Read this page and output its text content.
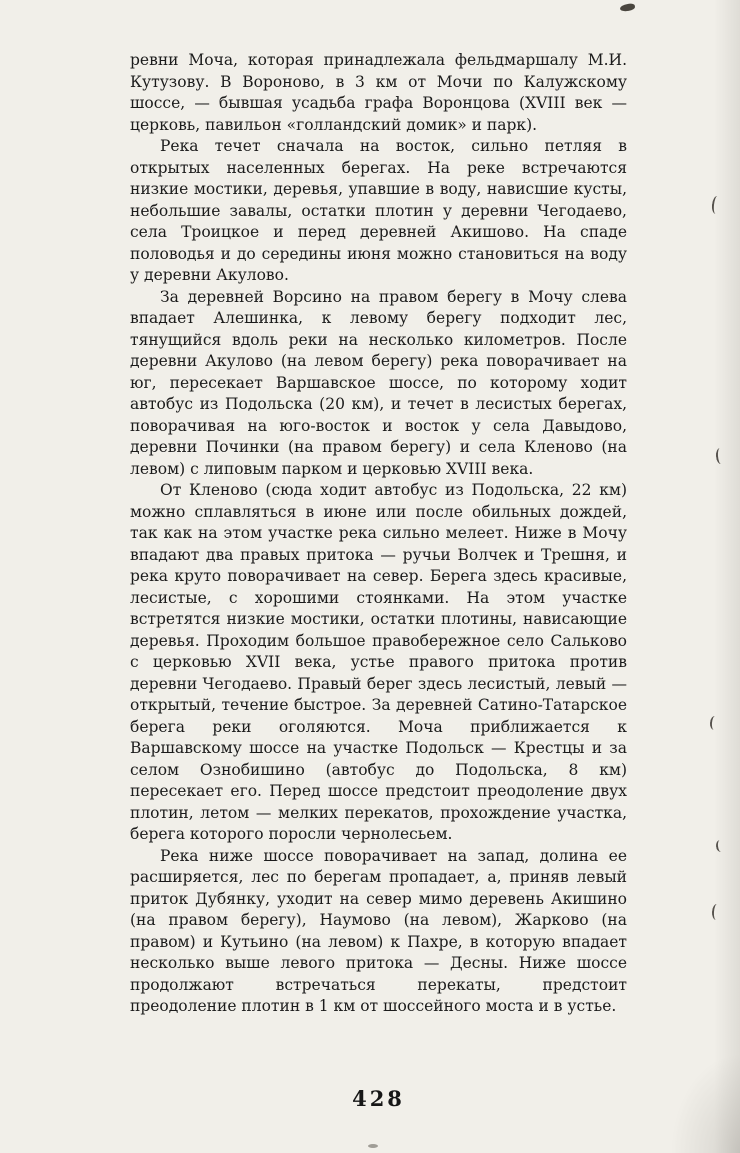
ревни Моча, которая принадлежала фельдмаршалу М.И. Кутузову. В Вороново, в 3 км от Мочи по Калужскому шоссе, — бывшая усадьба графа Воронцова (XVIII век — церковь, павильон «голландский домик» и парк).

Река течет сначала на восток, сильно петляя в открытых населенных берегах. На реке встречаются низкие мостики, деревья, упавшие в воду, нависшие кусты, небольшие завалы, остатки плотин у деревни Чегодаево, села Троицкое и перед деревней Акишово. На спаде половодья и до середины июня можно становиться на воду у деревни Акулово.

За деревней Ворсино на правом берегу в Мочу слева впадает Алешинка, к левому берегу подходит лес, тянущийся вдоль реки на несколько километров. После деревни Акулово (на левом берегу) река поворачивает на юг, пересекает Варшавское шоссе, по которому ходит автобус из Подольска (20 км), и течет в лесистых берегах, поворачивая на юго-восток и восток у села Давыдово, деревни Починки (на правом берегу) и села Кленово (на левом) с липовым парком и церковью XVIII века.

От Кленово (сюда ходит автобус из Подольска, 22 км) можно сплавляться в июне или после обильных дождей, так как на этом участке река сильно мелеет. Ниже в Мочу впадают два правых притока — ручьи Волчек и Трешня, и река круто поворачивает на север. Берега здесь красивые, лесистые, с хорошими стоянками. На этом участке встретятся низкие мостики, остатки плотины, нависающие деревья. Проходим большое правобережное село Сальково с церковью XVII века, устье правого притока против деревни Чегодаево. Правый берег здесь лесистый, левый — открытый, течение быстрое. За деревней Сатино-Татарское берега реки оголяются. Моча приближается к Варшавскому шоссе на участке Подольск — Крестцы и за селом Ознобишино (автобус до Подольска, 8 км) пересекает его. Перед шоссе предстоит преодоление двух плотин, летом — мелких перекатов, прохождение участка, берега которого поросли чернолесьем.

Река ниже шоссе поворачивает на запад, долина ее расширяется, лес по берегам пропадает, а, приняв левый приток Дубянку, уходит на север мимо деревень Акишино (на правом берегу), Наумово (на левом), Жарково (на правом) и Кутьино (на левом) к Пахре, в которую впадает несколько выше левого притока — Десны. Ниже шоссе продолжают встречаться перекаты, предстоит преодоление плотин в 1 км от шоссейного моста и в устье.

428
